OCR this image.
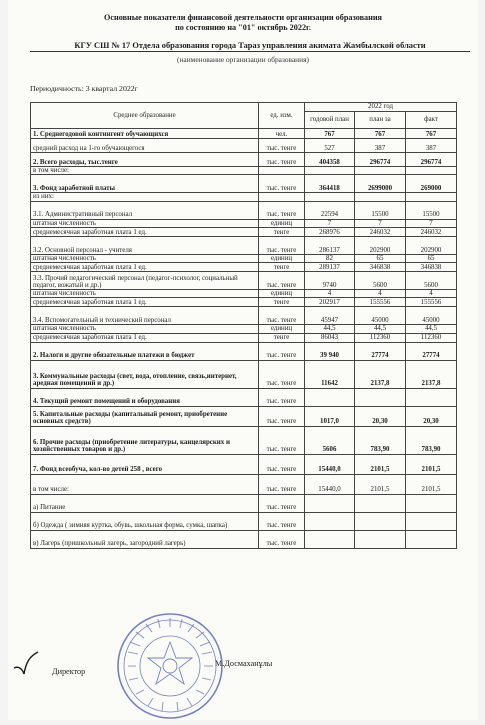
Основные показатели финансовой деятельности организации образования
по состоянию на "01" октябрь 2022г.
КГУ СШ № 17 Отдела образования города Тараз управления акимата Жамбылской области
(наименование организации образования)
Периодичность: 3 квартал 2022г
Среднее образование	ед. изм.	2022 год		
		годовой план	план за	факт
1. Среднегодовой контингент обучающихся	чел.	767	767	767
средний расход на 1-го обучающегося	тыс. тенге	527	387	387
2. Всего расходы, тыс.тенге	тыс. тенге	404358	296774	296774
в том числе:				
3. Фонд заработной платы	тыс. тенге	364418	2699000	269000
из них:				
3.1. Административный персонал	тыс. тенге	22594	15500	15500
штатная численность	единиц	7	7	7
среднемесячная заработная плата 1 ед.	тенге	268976	246032	246032
3.2. Основной персонал - учителя	тыс. тенге	286137	202900	202900
штатная численность	единиц	82	65	65
среднемесячная заработная плата 1 ед.	тенге	289137	346838	346838
3.3. Прочий педагогический персонал (педагог-психолог, социальный педагог, вожатый и др.)	тыс. тенге	9740	5600	5600
штатная численность	единиц	4	4	4
среднемесячная заработная плата 1 ед.	тенге	202917	155556	155556
3.4. Вспомогательный и технический персонал	тыс. тенге	45947	45000	45000
штатная численность	единиц	44,5	44,5	44,5
среднемесячная заработная плата 1 ед.	тенге	86043	112360	112360
2. Налоги и другие обязательные платежи в бюджет	тыс. тенге	39 940	27774	27774
3. Коммунальные расходы (свет, вода, отопление, связь,интернет, аредная помещений и др.)	тыс. тенге	11642	2137,8	2137,8
4. Текущий ремонт помещений и оборудования	тыс. тенге			
5. Капитальные расходы (капитальный ремонт, приобретение основных средств)	тыс. тенге	1017,0	20,30	20,30
6. Прочие расходы (приобретение литературы, канцелярских и хозяйственных товаров и др.)	тыс. тенге	5606	783,90	783,90
7. Фонд всеобуча, кол-во детей 258 , всего	тыс. тенге	15440,0	2101,5	2101,5
в том числе:	тыс. тенге	15440,0	2101,5	2101,5
а) Питание	тыс. тенге			
б) Одежда ( зимняя куртка, обувь, школьная форма, сумка, шапка)	тыс. тенге			
в) Лагерь (пришкольный лагерь, загородний лагерь)	тыс. тенге			
Директор
М.Досмаханұлы
